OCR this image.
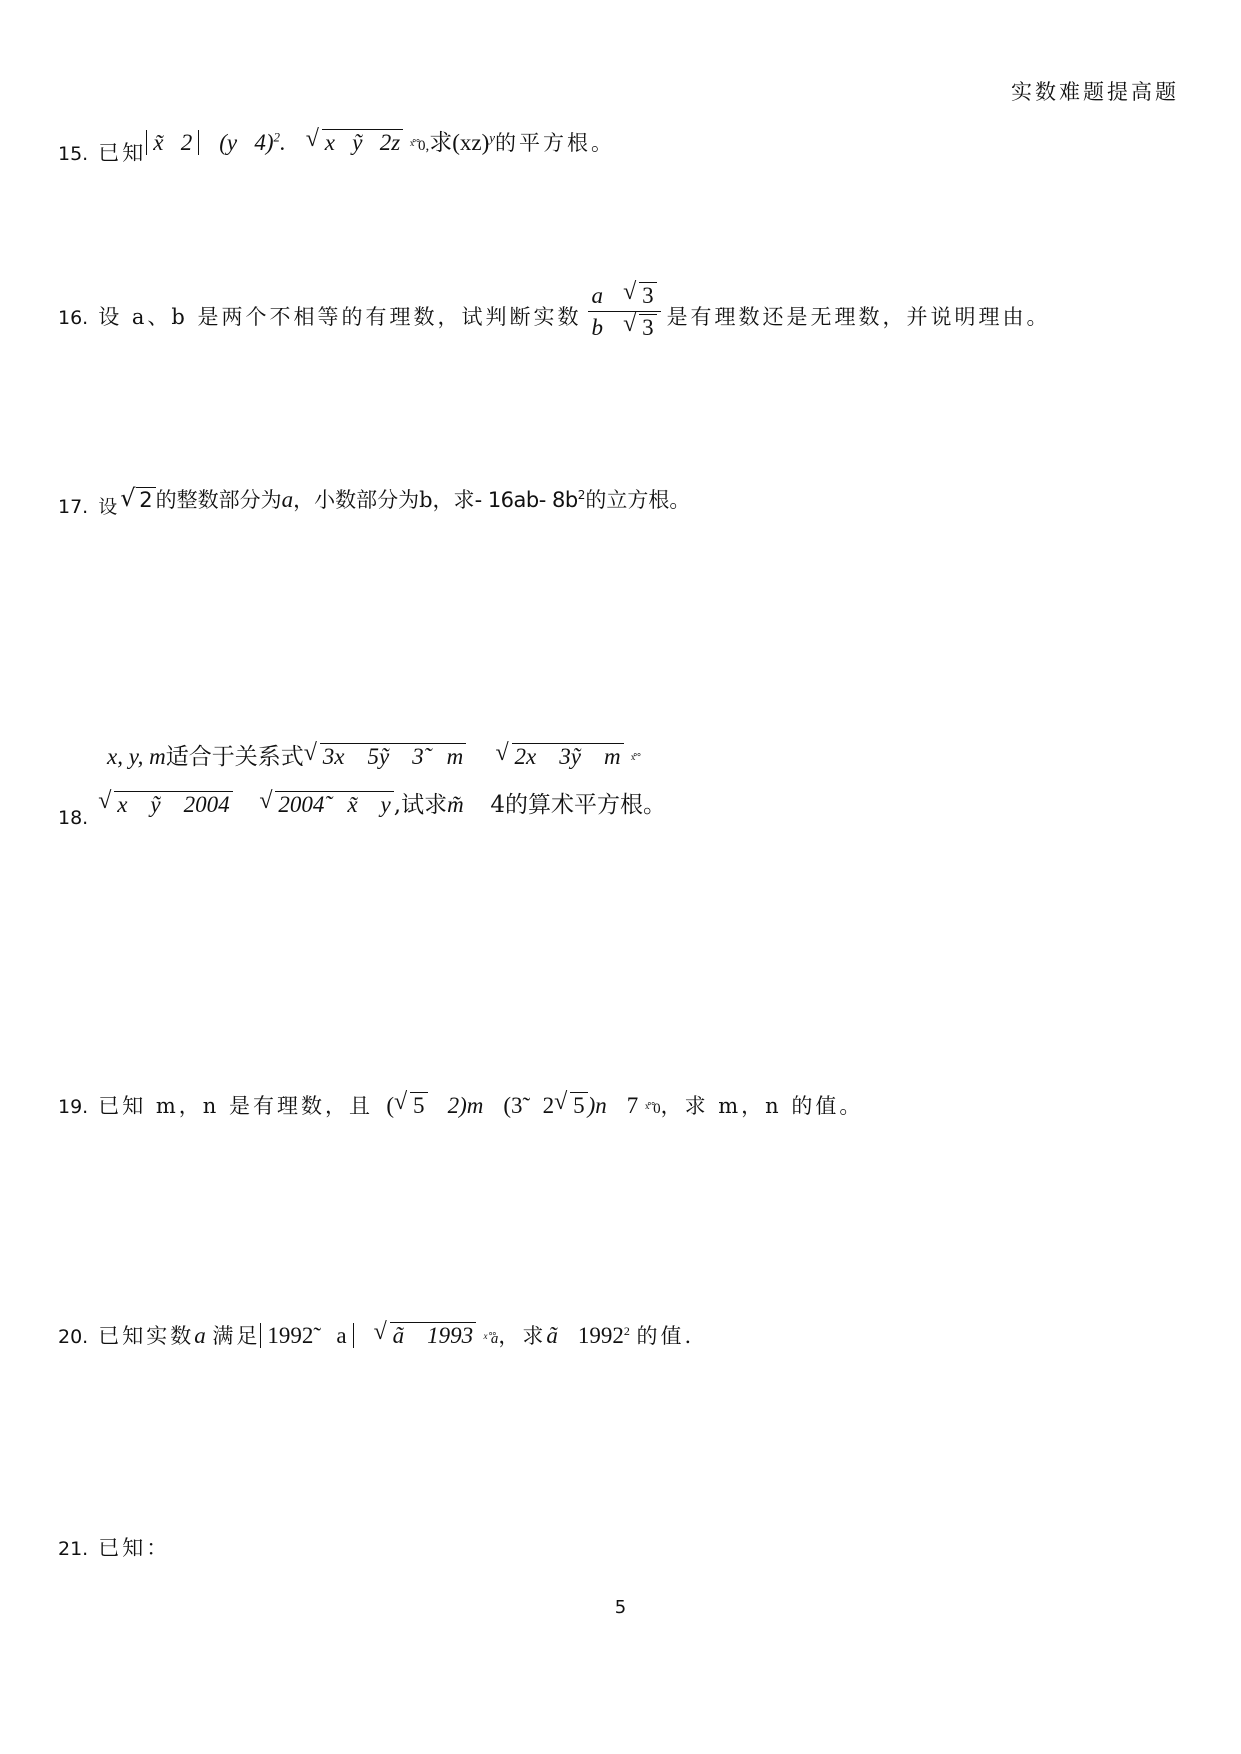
实数难题提高题
15. 已知 x̃ 2 (y 4)$^2$. √ x ỹ 2z ˣ̊ ̊0,求(xz)$^y$的平方根。
16. 设 a、b 是两个不相等的有理数，试判断实数 $\frac{a √ 3}{b √ 3}$ 是有理数还是无理数，并说明理由。
17. 设 √ 2 的整数部分为a，小数部分为b，求- 16ab- $8b^2$的立方根。
x, y, m适合于关系式 √ 3x    5ỹ    3̃    m √ 2x    3ỹ    m ˣ̊ ̊
18.√ x    ỹ    2004 √ 2004̃    x̃    y ,试求m̃ 4的算术平方根。
19. 已知 m，n 是有理数，且 ( √ 5 2)m (3̃ 2 √ 5 )n 7 ˣ̊ ̊0，求 m，n 的值。
20. 已知实数a 满足 1992̃    a √ ã    1993 ˣ̊ ̊a，求ã 1992$^2$ 的值.
21. 已知：
5
